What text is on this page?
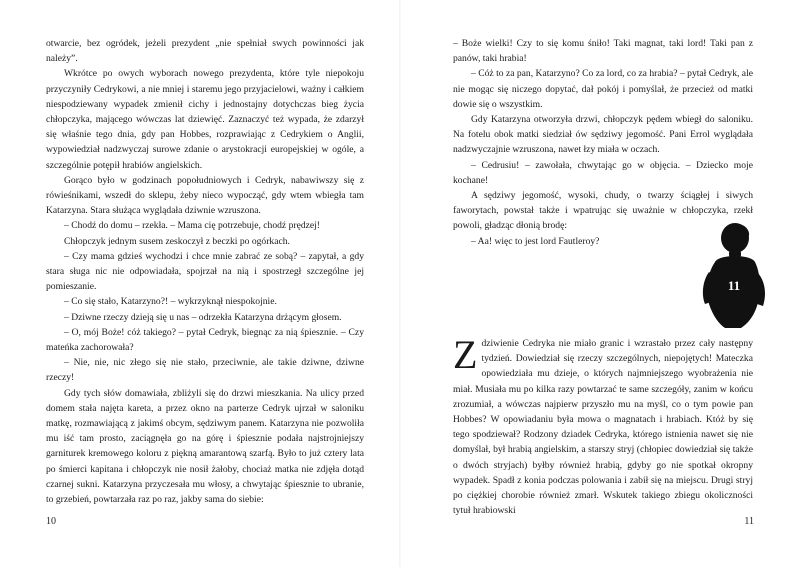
otwarcie, bez ogródek, jeżeli prezydent „nie spełniał swych powinności jak należy”.

Wkrótce po owych wyborach nowego prezydenta, które tyle niepokoju przyczyniły Cedrykowi, a nie mniej i staremu jego przyjacielowi, ważny i całkiem niespodziewany wypadek zmienił cichy i jednostajny dotychczas bieg życia chłopczyka, mającego wówczas lat dziewięć. Zaznaczyć też wypada, że zdarzył się właśnie tego dnia, gdy pan Hobbes, rozprawiając z Cedrykiem o Anglii, wypowiedział nadzwyczaj surowe zdanie o arystokracji europejskiej w ogóle, a szczególnie potępił hrabiów angielskich.

Gorąco było w godzinach popołudniowych i Cedryk, nabawiwszy się z rówieśnikami, wszedł do sklepu, żeby nieco wypocząć, gdy wtem wbiegła tam Katarzyna. Stara służąca wyglądała dziwnie wzruszona.

– Chodź do domu – rzekła. – Mama cię potrzebuje, chodź prędzej!

Chłopczyk jednym susem zeskoczył z beczki po ogórkach.

– Czy mama gdzieś wychodzi i chce mnie zabrać ze sobą? – zapytał, a gdy stara sługa nic nie odpowiadała, spojrzał na nią i spostrzegł szczególne jej pomieszanie.

– Co się stało, Katarzyno?! – wykrzyknął niespokojnie.

– Dziwne rzeczy dzieją się u nas – odrzekła Katarzyna drżącym głosem.

– O, mój Boże! cóż takiego? – pytał Cedryk, biegnąc za nią śpiesznie. – Czy mateńka zachorowała?

– Nie, nie, nic złego się nie stało, przeciwnie, ale takie dziwne, dziwne rzeczy!

Gdy tych słów domawiała, zbliżyli się do drzwi mieszkania. Na ulicy przed domem stała najęta kareta, a przez okno na parterze Cedryk ujrzał w saloniku matkę, rozmawiającą z jakimś obcym, sędziwym panem. Katarzyna nie pozwoliła mu iść tam prosto, zaciągnęła go na górę i śpiesznie podała najstrojniejszy garniturek kremowego koloru z piękną amarantową szarfą. Było to już cztery lata po śmierci kapitana i chłopczyk nie nosił żałoby, chociaż matka nie zdjęła dotąd czarnej sukni. Katarzyna przyczesała mu włosy, a chwytając śpiesznie to ubranie, to grzebień, powtarzała raz po raz, jakby sama do siebie:

10

– Boże wielki! Czy to się komu śniło! Taki magnat, taki lord! Taki pan z panów, taki hrabia!

– Cóż to za pan, Katarzyno? Co za lord, co za hrabia? – pytał Cedryk, ale nie mogąc się niczego dopytać, dał pokój i pomyślał, że przecież od matki dowie się o wszystkim.

Gdy Katarzyna otworzyła drzwi, chłopczyk pędem wbiegł do saloniku. Na fotelu obok matki siedział ów sędziwy jegomość. Pani Errol wyglądała nadzwyczajnie wzruszona, nawet łzy miała w oczach.

– Cedrusiu! – zawołała, chwytając go w objęcia. – Dziecko moje kochane!

A sędziwy jegomość, wysoki, chudy, o twarzy ściągłej i siwych faworytach, powstał także i wpatrując się uważnie w chłopczyka, rzekł powoli, gładząc dłonią brodę:

– Aa! więc to jest lord Fautleroy?

11
Zdziwienie Cedryka nie miało granic i wzrastało przez cały następny tydzień. Dowiedział się rzeczy szczególnych, niepojętych! Mateczka opowiedziała mu dzieje, o których najmniejszego wyobrażenia nie miał. Musiała mu po kilka razy powtarzać te same szczegóły, zanim w końcu zrozumiał, a wówczas najpierw przyszło mu na myśl, co o tym powie pan Hobbes? W opowiadaniu była mowa o magnatach i hrabiach. Któż by się tego spodziewał? Rodzony dziadek Cedryka, którego istnienia nawet się nie domyślał, był hrabią angielskim, a starszy stryj (chłopiec dowiedział się także o dwóch stryjach) byłby również hrabią, gdyby go nie spotkał okropny wypadek. Spadł z konia podczas polowania i zabił się na miejscu. Drugi stryj po ciężkiej chorobie również zmarł. Wskutek takiego zbiegu okoliczności tytuł hrabiowski
11
